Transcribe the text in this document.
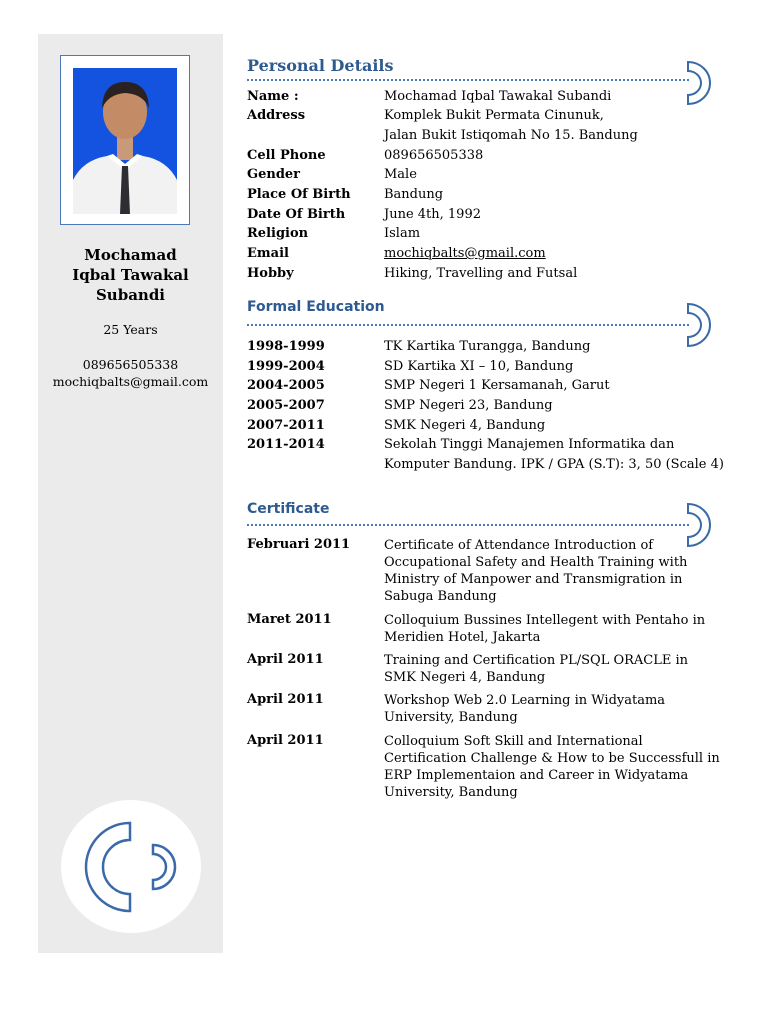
Mochamad
Iqbal Tawakal
Subandi
25 Years
089656505338
mochiqbalts@gmail.com
Personal Details
Name :	Mochamad Iqbal Tawakal Subandi
Address	Komplek Bukit Permata Cinunuk,
Jalan Bukit Istiqomah No 15. Bandung
Cell Phone	089656505338
Gender	Male
Place Of Birth	Bandung
Date Of Birth	June 4th, 1992
Religion	Islam
Email	mochiqbalts@gmail.com
Hobby	Hiking, Travelling and Futsal
Formal Education
1998-1999	TK Kartika Turangga, Bandung
1999-2004	SD Kartika XI – 10, Bandung
2004-2005	SMP Negeri 1 Kersamanah, Garut
2005-2007	SMP Negeri 23, Bandung
2007-2011	SMK Negeri 4, Bandung
2011-2014	Sekolah Tinggi Manajemen Informatika dan
Komputer Bandung. IPK / GPA (S.T): 3, 50 (Scale 4)
Certificate
Februari 2011	Certificate of Attendance Introduction of
Occupational Safety and Health Training with
Ministry of Manpower and Transmigration in
Sabuga Bandung
Maret 2011	Colloquium Bussines Intellegent with Pentaho in
Meridien Hotel, Jakarta
April 2011	Training and Certification PL/SQL ORACLE in
SMK Negeri 4, Bandung
April 2011	Workshop Web 2.0 Learning in Widyatama
University, Bandung
April 2011	Colloquium Soft Skill and International
Certification Challenge & How to be Successfull in
ERP Implementaion and Career in Widyatama
University, Bandung
